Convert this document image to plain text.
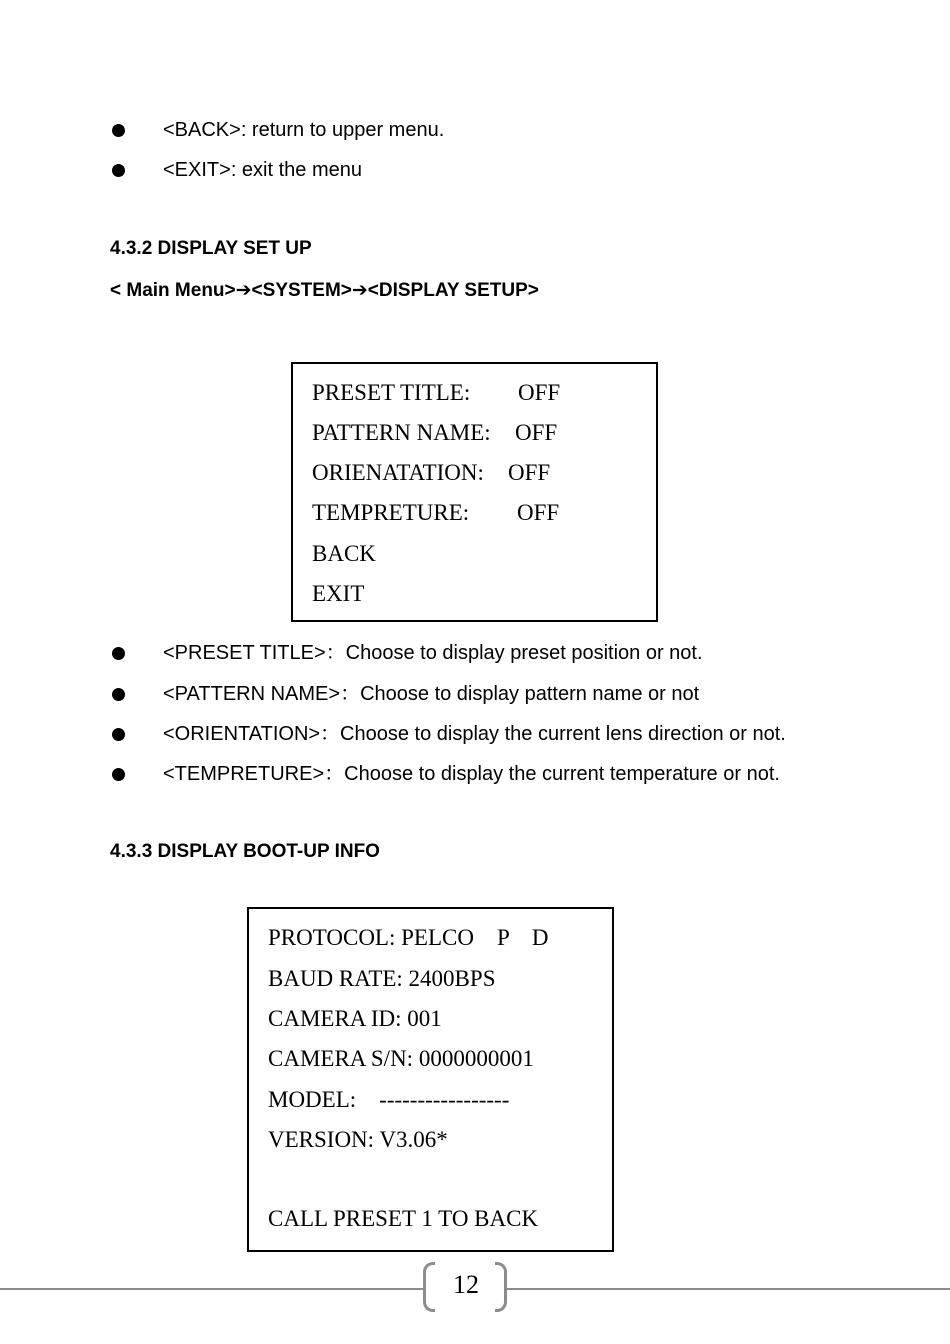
<BACK>: return to upper menu.
<EXIT>: exit the menu
4.3.2 DISPLAY SET UP
< Main Menu>➔<SYSTEM>➔<DISPLAY SETUP>
PRESET TITLE: OFF
PATTERN NAME: OFF
ORIENATATION: OFF
TEMPRETURE: OFF
BACK
EXIT
<PRESET TITLE>：Choose to display preset position or not.
<PATTERN NAME>：Choose to display pattern name or not
<ORIENTATION>：Choose to display the current lens direction or not.
<TEMPRETURE>：Choose to display the current temperature or not.
4.3.3 DISPLAY BOOT-UP INFO
PROTOCOL: PELCO    P    D
BAUD RATE: 2400BPS
CAMERA ID: 001
CAMERA S/N: 0000000001
MODEL:    -----------------
VERSION: V3.06*
CALL PRESET 1 TO BACK
12
